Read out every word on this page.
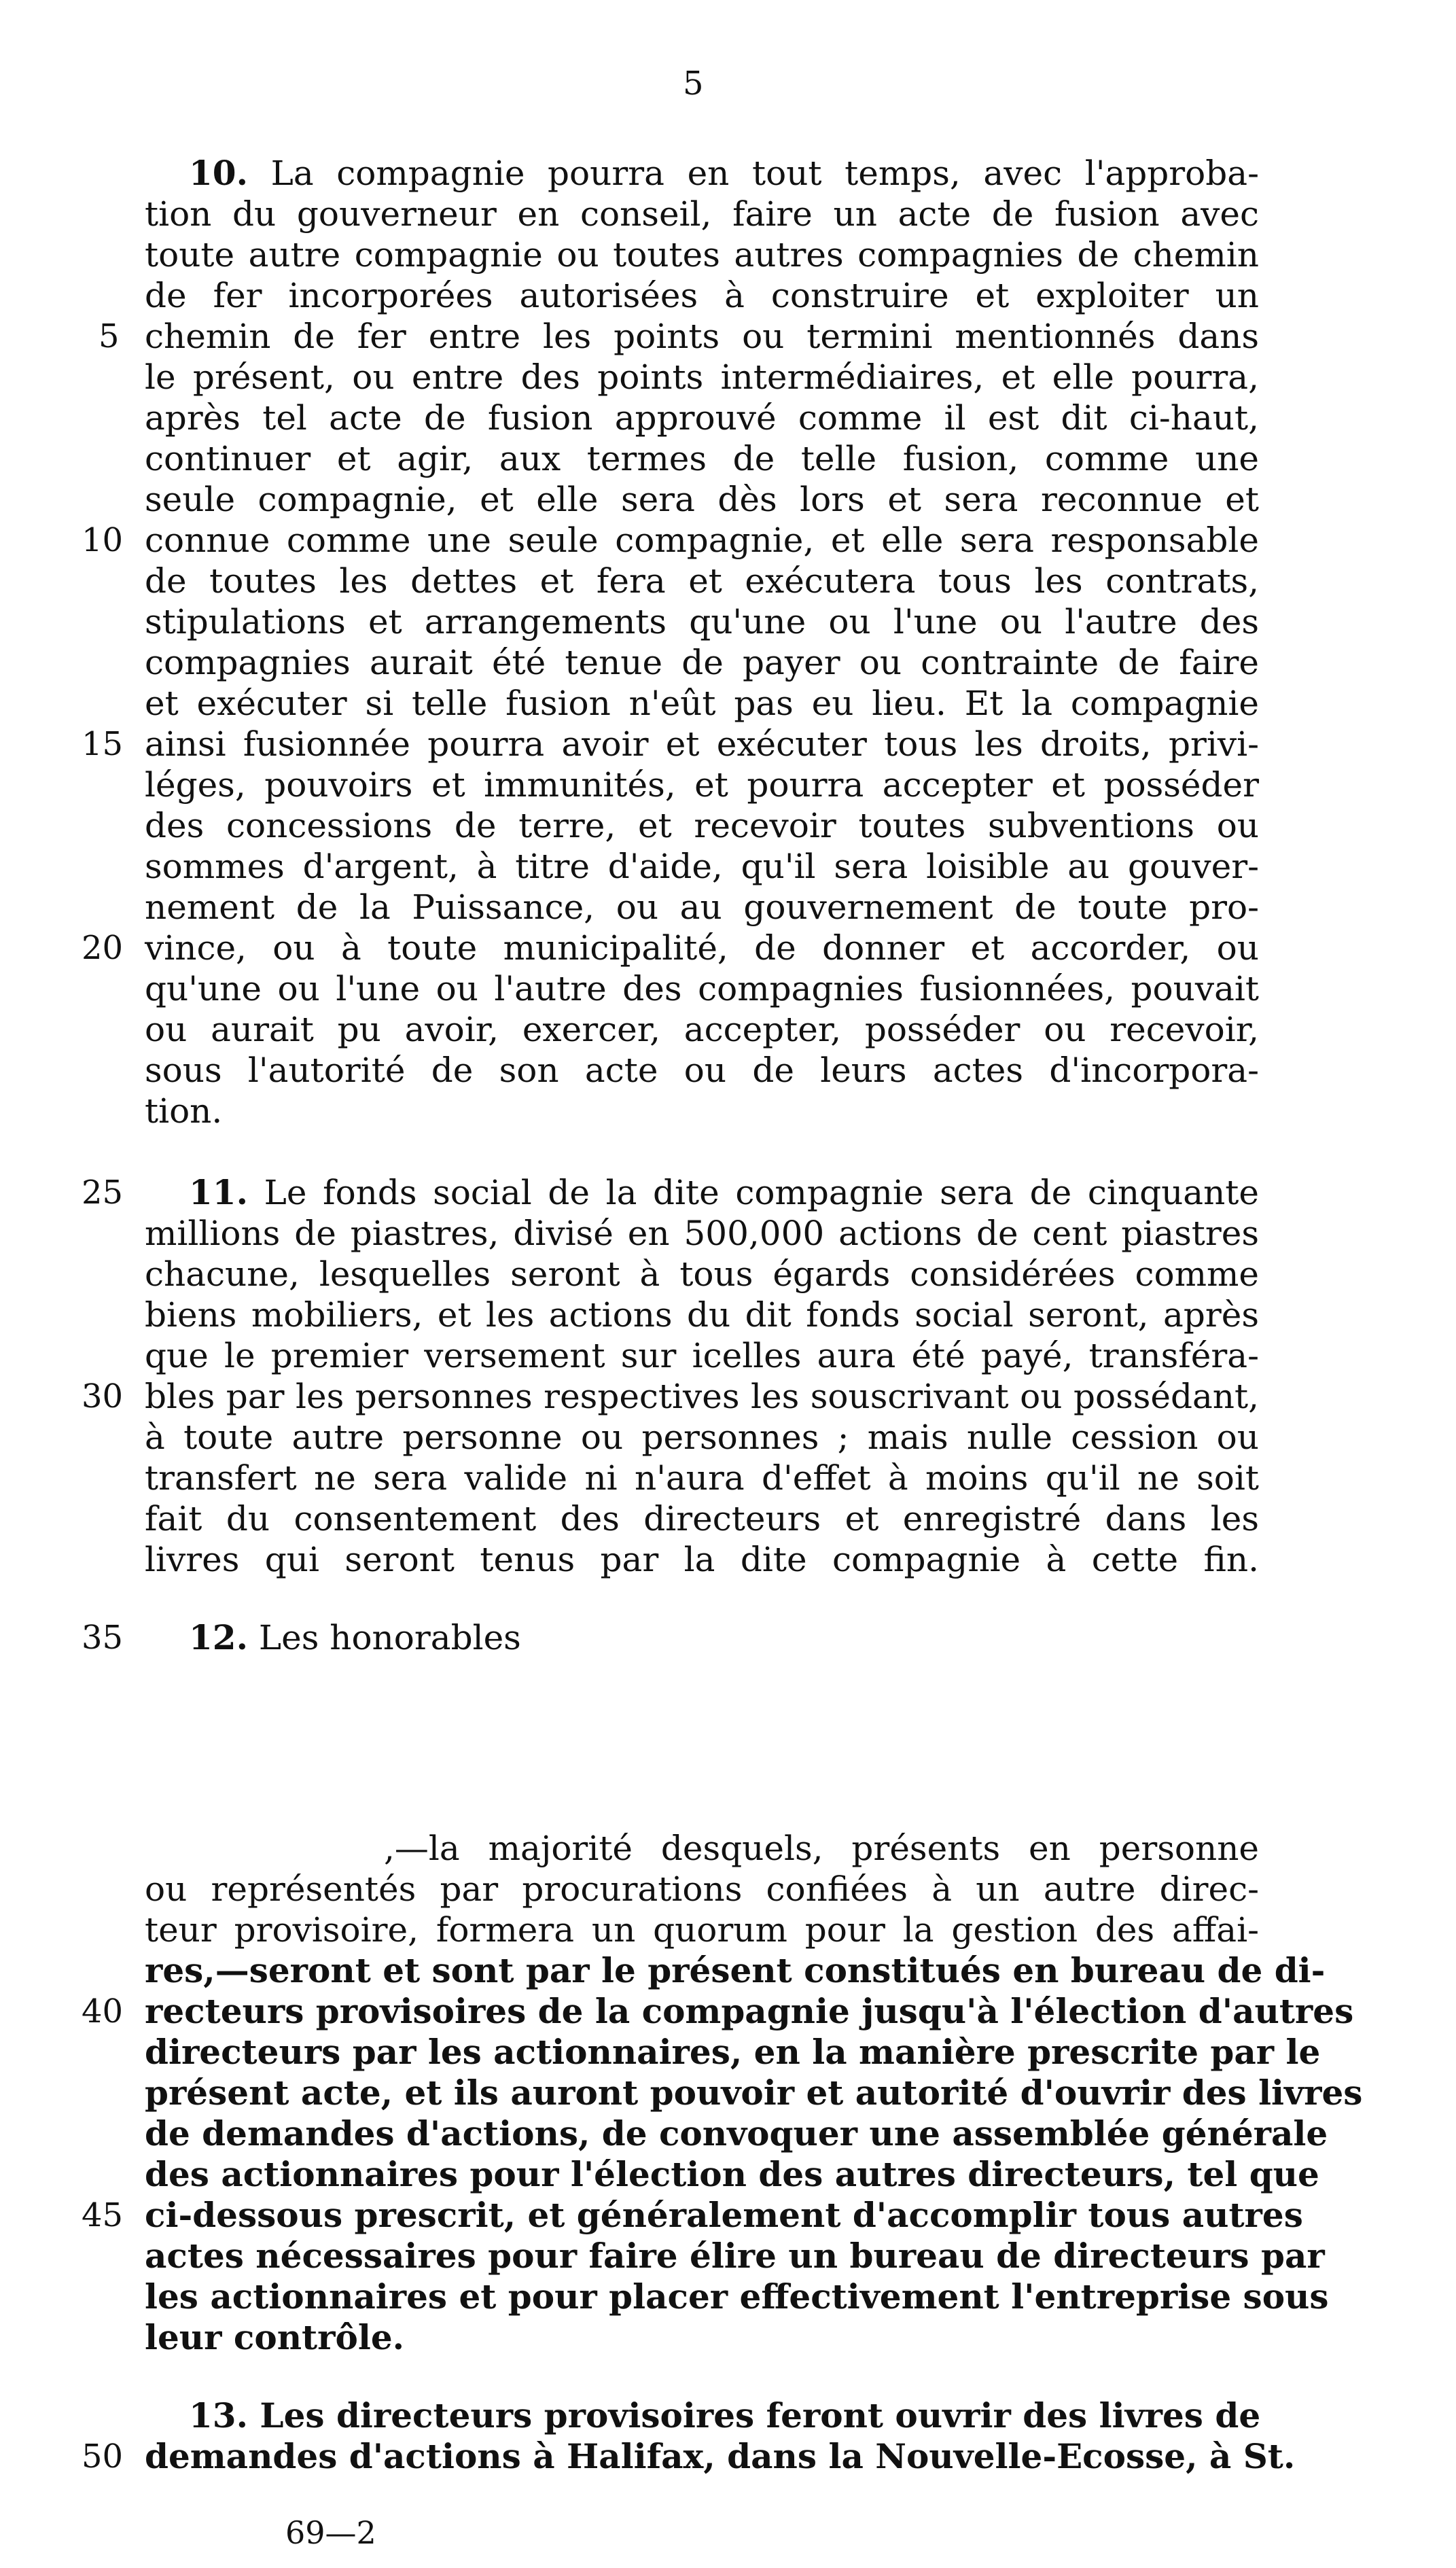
5
10. La compagnie pourra en tout temps, avec l'approba-
tion du gouverneur en conseil, faire un acte de fusion avec
toute autre compagnie ou toutes autres compagnies de chemin
de fer incorporées autorisées à construire et exploiter un
chemin de fer entre les points ou termini mentionnés dans
le présent, ou entre des points intermédiaires, et elle pourra,
après tel acte de fusion approuvé comme il est dit ci-haut,
continuer et agir, aux termes de telle fusion, comme une
seule compagnie, et elle sera dès lors et sera reconnue et
connue comme une seule compagnie, et elle sera responsable
de toutes les dettes et fera et exécutera tous les contrats,
stipulations et arrangements qu'une ou l'une ou l'autre des
compagnies aurait été tenue de payer ou contrainte de faire
et exécuter si telle fusion n'eût pas eu lieu. Et la compagnie
ainsi fusionnée pourra avoir et exécuter tous les droits, privi-
léges, pouvoirs et immunités, et pourra accepter et posséder
des concessions de terre, et recevoir toutes subventions ou
sommes d'argent, à titre d'aide, qu'il sera loisible au gouver-
nement de la Puissance, ou au gouvernement de toute pro-
vince, ou à toute municipalité, de donner et accorder, ou
qu'une ou l'une ou l'autre des compagnies fusionnées, pouvait
ou aurait pu avoir, exercer, accepter, posséder ou recevoir,
sous l'autorité de son acte ou de leurs actes d'incorpora-
tion.
11. Le fonds social de la dite compagnie sera de cinquante
millions de piastres, divisé en 500,000 actions de cent piastres
chacune, lesquelles seront à tous égards considérées comme
biens mobiliers, et les actions du dit fonds social seront, après
que le premier versement sur icelles aura été payé, transféra-
bles par les personnes respectives les souscrivant ou possédant,
à toute autre personne ou personnes ; mais nulle cession ou
transfert ne sera valide ni n'aura d'effet à moins qu'il ne soit
fait du consentement des directeurs et enregistré dans les
livres qui seront tenus par la dite compagnie à cette fin.
12. Les honorables
,—la majorité desquels, présents en personne
ou représentés par procurations confiées à un autre direc-
teur provisoire, formera un quorum pour la gestion des affai-
res,—seront et sont par le présent constitués en bureau de di-
recteurs provisoires de la compagnie jusqu'à l'élection d'autres
directeurs par les actionnaires, en la manière prescrite par le
présent acte, et ils auront pouvoir et autorité d'ouvrir des livres
de demandes d'actions, de convoquer une assemblée générale
des actionnaires pour l'élection des autres directeurs, tel que
ci-dessous prescrit, et généralement d'accomplir tous autres
actes nécessaires pour faire élire un bureau de directeurs par
les actionnaires et pour placer effectivement l'entreprise sous
leur contrôle.
13. Les directeurs provisoires feront ouvrir des livres de
demandes d'actions à Halifax, dans la Nouvelle-Ecosse, à St.
5
10
15
20
25
30
35
40
45
50
69—2
